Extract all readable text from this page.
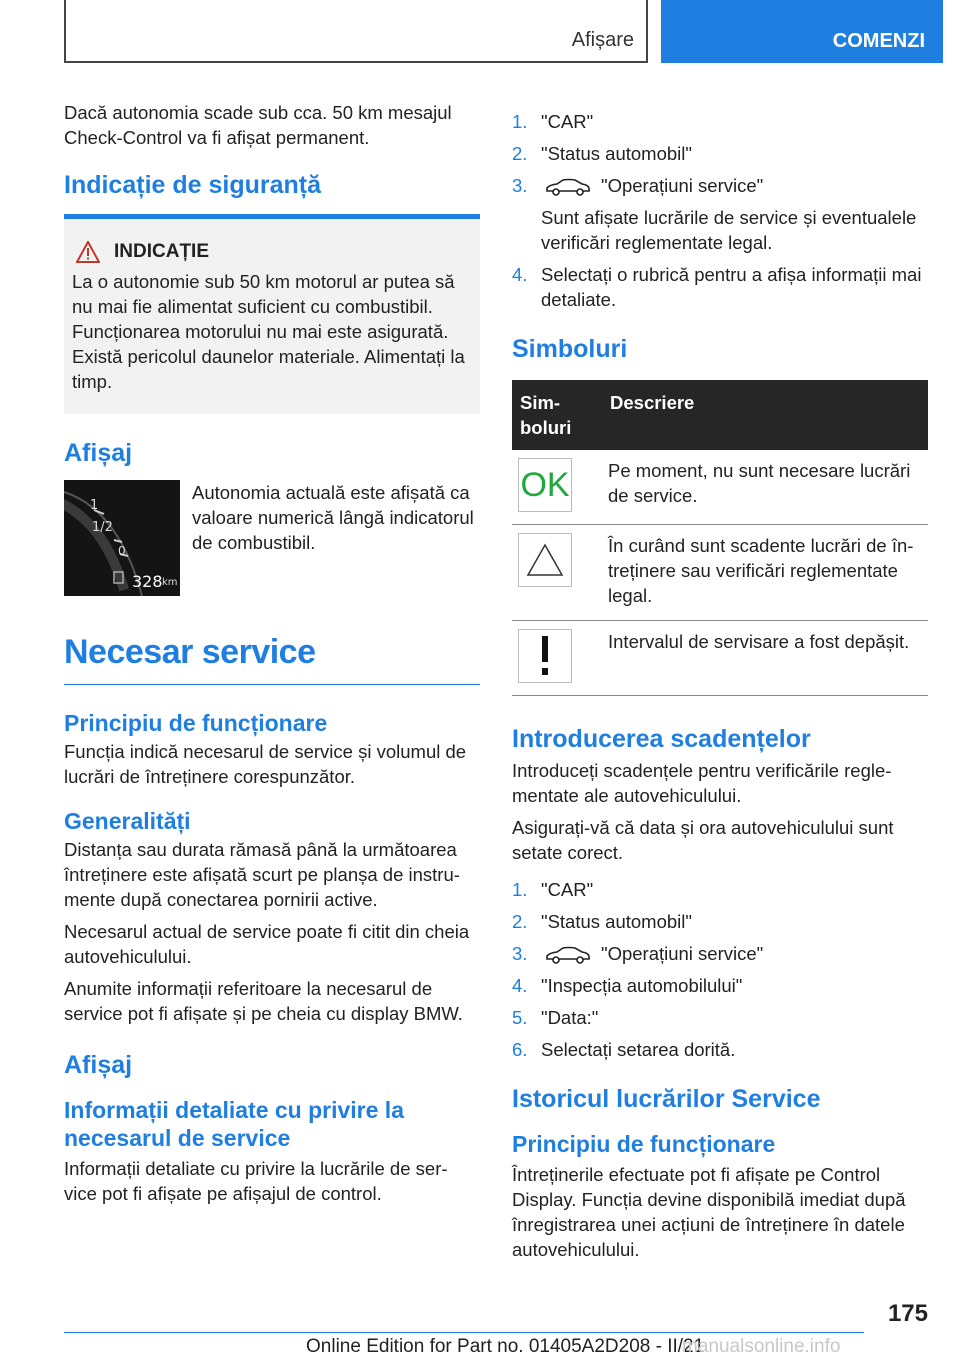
Afișare	COMENZI

Dacă autonomia scade sub cca. 50 km mesajul Check-Control va fi afișat permanent.

Indicație de siguranță
INDICAȚIE

La o autonomie sub 50 km motorul ar putea să nu mai fie alimentat suficient cu combustibil. Funcționarea motorului nu mai este asigurată. Există pericolul daunelor materiale. Alimentați la timp.

Afișaj
1
1/2
0
328 km

Autonomia actuală este afișată ca valoare numerică lângă indicatorul de combustibil.

Necesar service
Principiu de funcționare

Funcția indică necesarul de service și volumul de lucrări de întreținere corespunzător.

Generalități

Distanța sau durata rămasă până la următoarea întreținere este afișată scurt pe planșa de instru-mente după conectarea pornirii active.

Necesarul actual de service poate fi citit din cheia autovehiculului.

Anumite informații referitoare la necesarul de service pot fi afișate și pe cheia cu display BMW.

Afișaj
Informații detaliate cu privire la necesarul de service

Informații detaliate cu privire la lucrările de ser-vice pot fi afișate pe afișajul de control.

1. "CAR"
2. "Status automobil"
3.	"Operațiuni service"

Sunt afișate lucrările de service și eventualele verificări reglementate legal.

4. Selectați o rubrică pentru a afișa informații mai detaliate.
Simboluri
Sim-boluri	Descriere

OK	Pe moment, nu sunt necesare lucrări de service.

	În curând sunt scadente lucrări de în-treținere sau verificări reglementate legal.

	Intervalul de servisare a fost depășit.
Introducerea scadențelor

Introduceți scadențele pentru verificările regle-mentate ale autovehiculului.

Asigurați-vă că data și ora autovehiculului sunt setate corect.

1. "CAR"
2. "Status automobil"
3.	"Operațiuni service"
4. "Inspecția automobilului"
5. "Data:"
6. Selectați setarea dorită.
Istoricul lucrărilor Service
Principiu de funcționare

Întreținerile efectuate pot fi afișate pe Control Display. Funcția devine disponibilă imediat după înregistrarea unei acțiuni de întreținere în datele autovehiculului.

175
Online Edition for Part no. 01405A2D208 - II/21
manualsonline.info
